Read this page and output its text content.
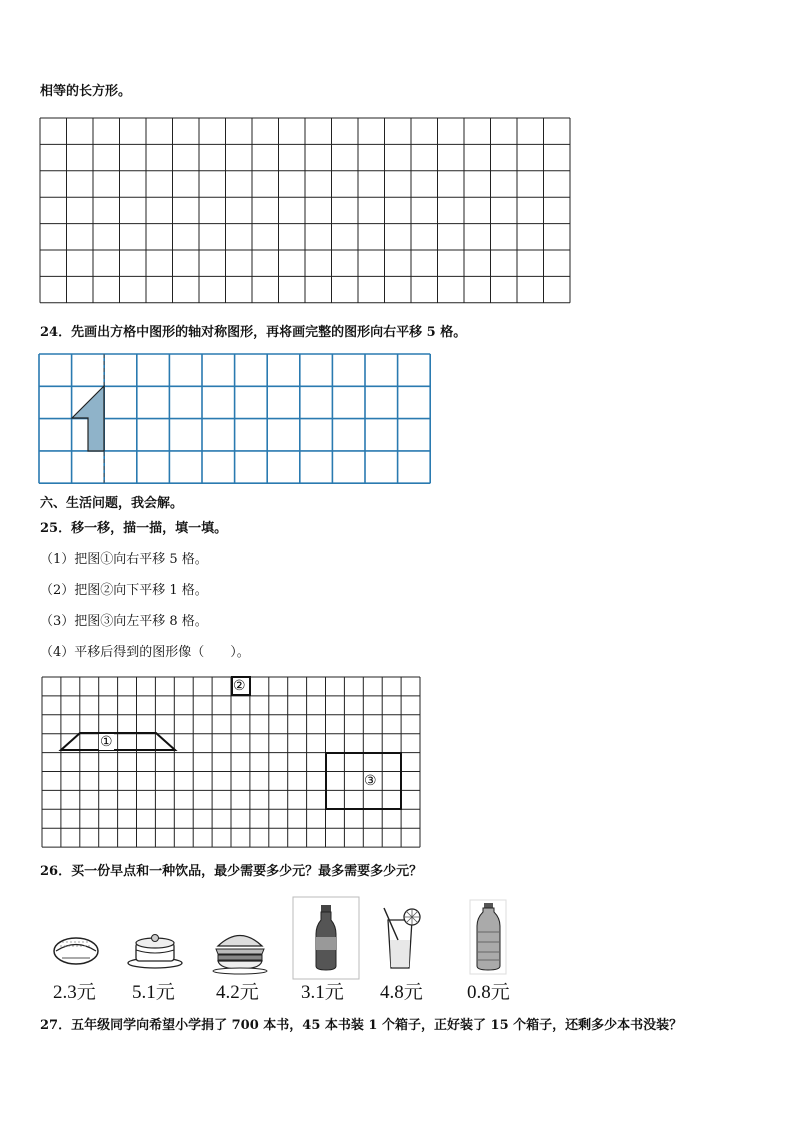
相等的长方形。
24．先画出方格中图形的轴对称图形，再将画完整的图形向右平移 5 格。
六、生活问题，我会解。
25．移一移，描一描，填一填。
（1）把图①向右平移 5 格。
（2）把图②向下平移 1 格。
（3）把图③向左平移 8 格。
（4）平移后得到的图形像（　　）。
①
②
③
26．买一份早点和一种饮品，最少需要多少元？最多需要多少元？
2.3元 5.1元 4.2元 3.1元 4.8元 0.8元
27．五年级同学向希望小学捐了 700 本书，45 本书装 1 个箱子，正好装了 15 个箱子，还剩多少本书没装？
